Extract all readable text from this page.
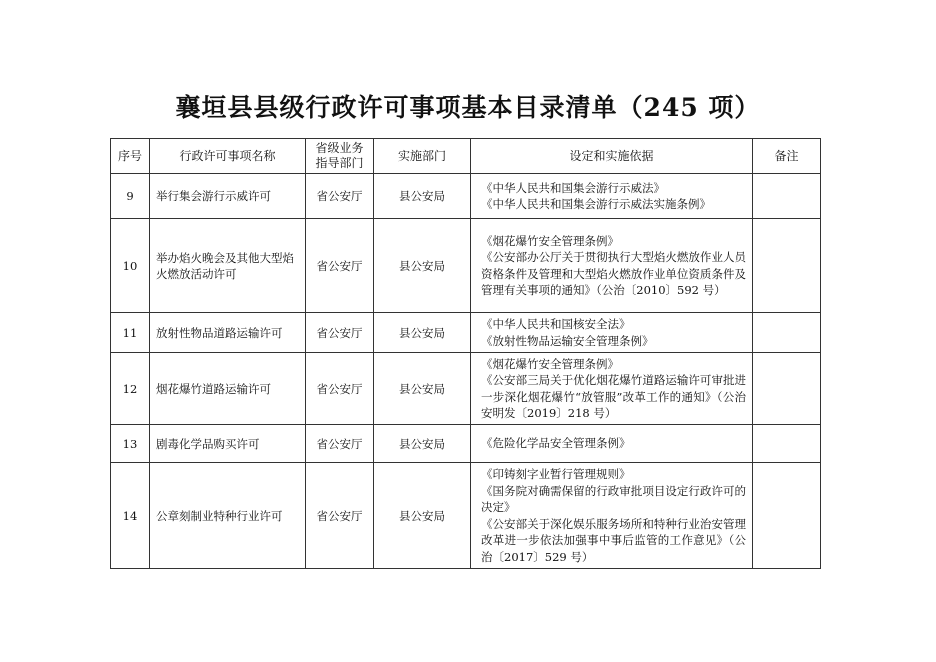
襄垣县县级行政许可事项基本目录清单（245 项）
序号	行政许可事项名称	省级业务指导部门	实施部门	设定和实施依据	备注
9	举行集会游行示威许可	省公安厅	县公安局	《中华人民共和国集会游行示威法》
《中华人民共和国集会游行示威法实施条例》	

10	举办焰火晚会及其他大型焰火燃放活动许可	省公安厅	县公安局	《烟花爆竹安全管理条例》
《公安部办公厅关于贯彻执行大型焰火燃放作业人员资格条件及管理和大型焰火燃放作业单位资质条件及管理有关事项的通知》（公治〔2010〕592 号）	

11	放射性物品道路运输许可	省公安厅	县公安局	《中华人民共和国核安全法》
《放射性物品运输安全管理条例》	

12	烟花爆竹道路运输许可	省公安厅	县公安局	《烟花爆竹安全管理条例》
《公安部三局关于优化烟花爆竹道路运输许可审批进一步深化烟花爆竹“放管服”改革工作的通知》（公治安明发〔2019〕218 号）	

13	剧毒化学品购买许可	省公安厅	县公安局	《危险化学品安全管理条例》	

14	公章刻制业特种行业许可	省公安厅	县公安局	《印铸刻字业暂行管理规则》
《国务院对确需保留的行政审批项目设定行政许可的决定》
《公安部关于深化娱乐服务场所和特种行业治安管理改革进一步依法加强事中事后监管的工作意见》（公治〔2017〕529 号）	
